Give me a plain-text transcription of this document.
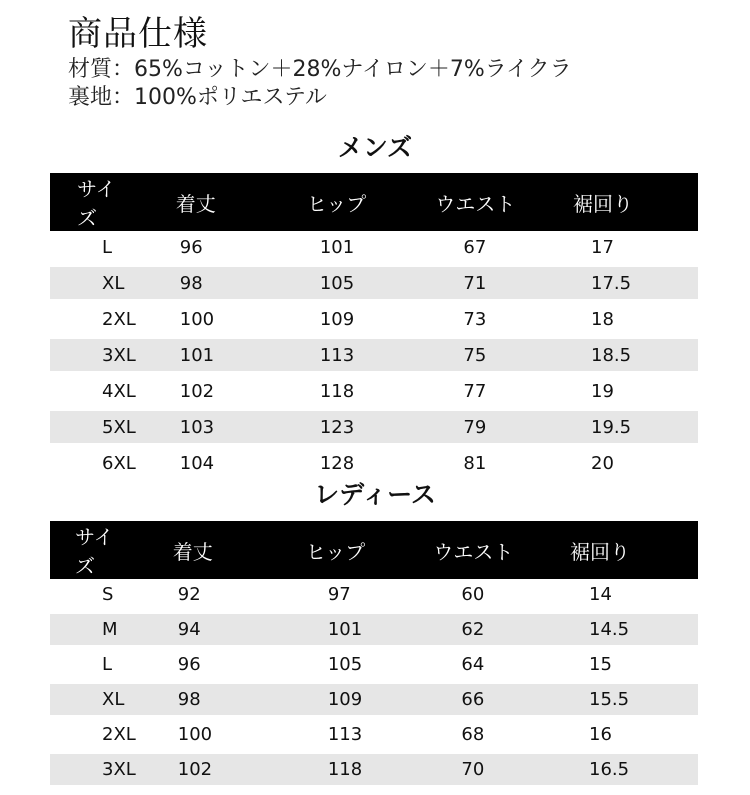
商品仕様
材質：65%コットン＋28%ナイロン＋7%ライクラ
裏地：100%ポリエステル
メンズ
サイズ	着丈	ヒップ	ウエスト	裾回り
L	96	101	67	17
XL	98	105	71	17.5
2XL	100	109	73	18
3XL	101	113	75	18.5
4XL	102	118	77	19
5XL	103	123	79	19.5
6XL	104	128	81	20
レディース
サイズ	着丈	ヒップ	ウエスト	裾回り
S	92	97	60	14
M	94	101	62	14.5
L	96	105	64	15
XL	98	109	66	15.5
2XL	100	113	68	16
3XL	102	118	70	16.5
